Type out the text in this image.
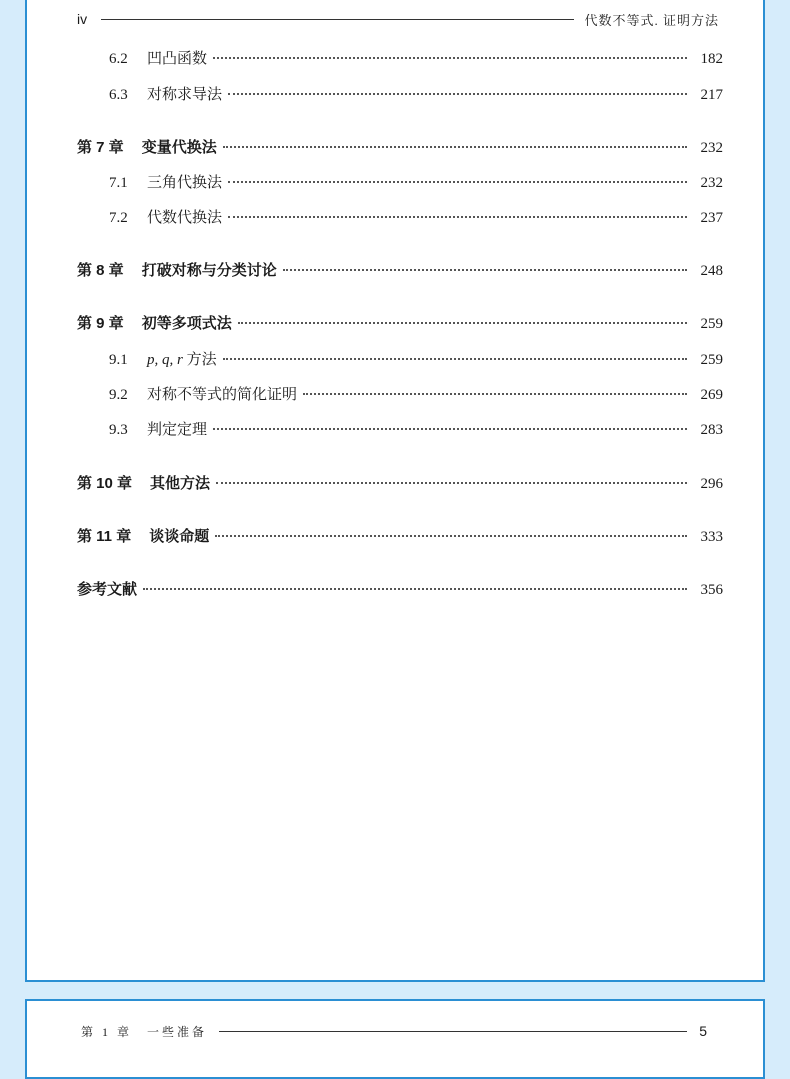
iv	代数不等式. 证明方法
6.2	凹凸函数	182
6.3	对称求导法	217
第 7 章 变量代换法	232
7.1	三角代换法	232
7.2	代数代换法	237
第 8 章 打破对称与分类讨论	248
第 9 章 初等多项式法	259
9.1	p, q, r 方法	259
9.2	对称不等式的简化证明	269
9.3	判定定理	283
第 10 章 其他方法	296
第 11 章 谈谈命题	333
参考文献	356
第 1 章　一些准备	5
